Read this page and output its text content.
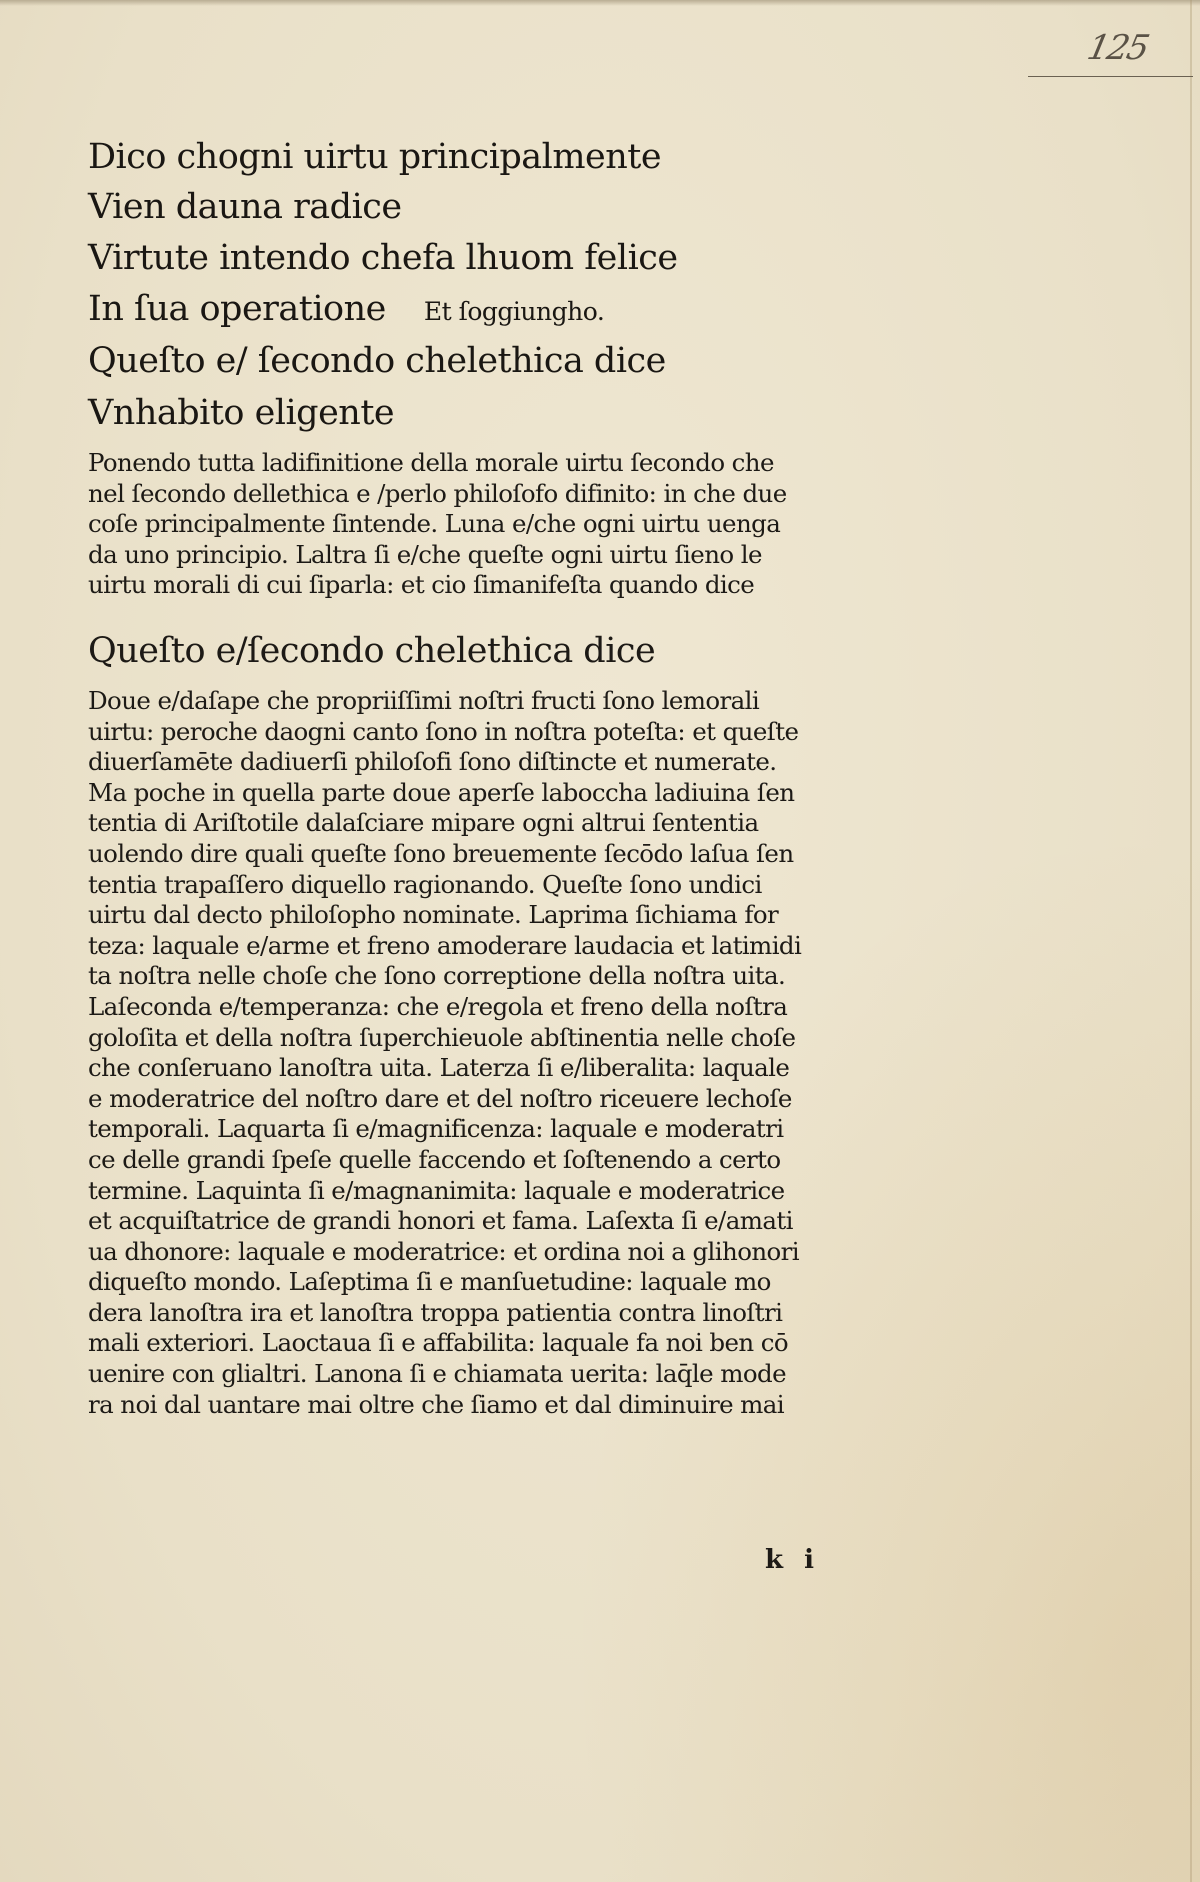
125
Dico chogni uirtu principalmente
Vien dauna radice
Virtute intendo chefa lhuom felice
In ſua operatione Et ſoggiungho.
Queſto e/ ſecondo chelethica dice
Vnhabito eligente
Ponendo tutta ladifinitione della morale uirtu ſecondo che
nel ſecondo dellethica e /perlo philoſofo difinito: in che due
coſe principalmente ſintende. Luna e/che ogni uirtu uenga
da uno principio. Laltra ſi e/che queſte ogni uirtu ſieno le
uirtu morali di cui ſiparla: et cio ſimanifeſta quando dice
Queſto e/ſecondo chelethica dice
Doue e/daſape che propriiſſimi noſtri fructi ſono lemorali
uirtu: peroche daogni canto ſono in noſtra poteſta: et queſte
diuerſamēte dadiuerſi philoſofi ſono diſtincte et numerate.
Ma poche in quella parte doue aperſe laboccha ladiuina ſen
tentia di Ariſtotile dalaſciare mipare ogni altrui ſententia
uolendo dire quali queſte ſono breuemente ſecōdo laſua ſen
tentia trapaſſero diquello ragionando. Queſte ſono undici
uirtu dal decto philoſopho nominate. Laprima ſichiama for
teza: laquale e/arme et freno amoderare laudacia et latimidi
ta noſtra nelle choſe che ſono correptione della noſtra uita.
Laſeconda e/temperanza: che e/regola et freno della noſtra
goloſita et della noſtra ſuperchieuole abſtinentia nelle choſe
che conſeruano lanoſtra uita. Laterza ſi e/liberalita: laquale
e moderatrice del noſtro dare et del noſtro riceuere lechoſe
temporali. Laquarta ſi e/magnificenza: laquale e moderatri
ce delle grandi ſpeſe quelle faccendo et ſoſtenendo a certo
termine. Laquinta ſi e/magnanimita: laquale e moderatrice
et acquiſtatrice de grandi honori et fama. Laſexta ſi e/amati
ua dhonore: laquale e moderatrice: et ordina noi a glihonori
diqueſto mondo. Laſeptima ſi e manſuetudine: laquale mo
dera lanoſtra ira et lanoſtra troppa patientia contra linoſtri
mali exteriori. Laoctaua ſi e affabilita: laquale fa noi ben cō
uenire con glialtri. Lanona ſi e chiamata uerita: laq̄le mode
ra noi dal uantare mai oltre che ſiamo et dal diminuire mai
k i
